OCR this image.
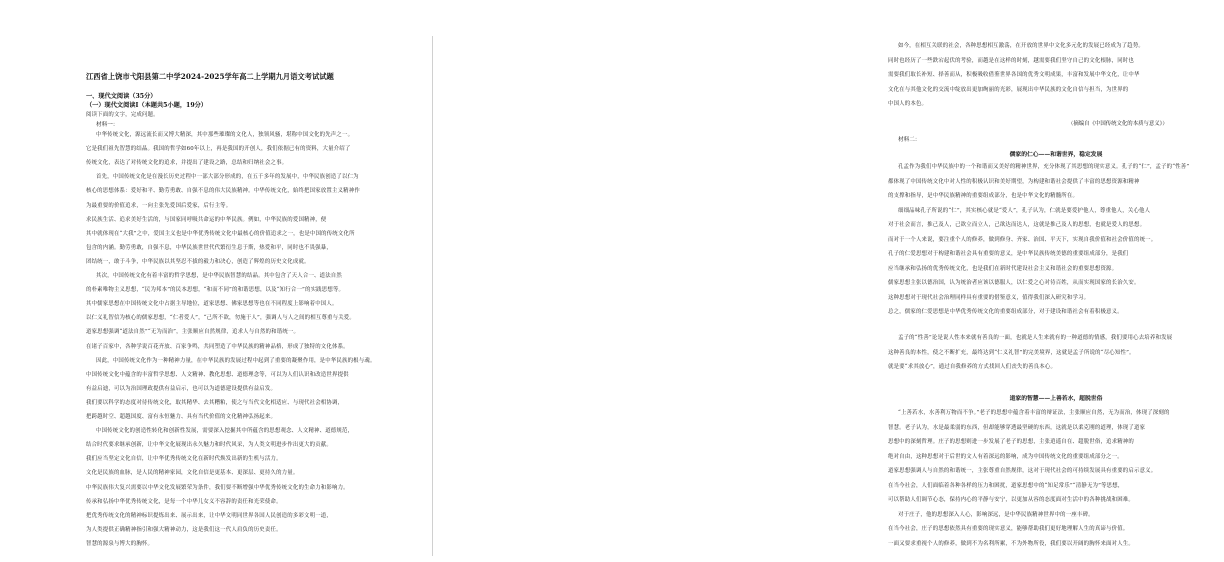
江西省上饶市弋阳县第二中学2024-2025学年高二上学期九月语文考试试题
一、现代文阅读（35分）
（一）现代文阅读Ⅰ（本题共5小题，19分）
阅读下面的文字，完成问题。
材料一：
中华传统文化，源远流长而又博大精深，其中那些璀璨的文化人，独领风骚，堪称中国文化的先声之一。
它是我们祖先智慧的结晶。我国的哲学如60年以上，再是我国的开创人，我们依据已有的资料，大量介绍了
传统文化，表达了对传统文化的追求，并提出了建设之路，总结和归纳社会之事。
首先，中国传统文化是在漫长历史过程中一部大部分形成的，在五千多年的发展中，中华民族创造了以仁为
核心的思想体系：爱好和平、勤劳勇敢、自强不息的伟大民族精神。中华传统文化，始终把国家放置主义精神作
为最重要的价值追求，一向主张先爱国后爱家，后行主等。
求民族生活、追求美好生活的，与国家同呼吸共命运的中华民族。例如，中华民族的爱国精神，便
其中就体现在“大我”之中，爱国主义也是中华优秀传统文化中最核心的价值追求之一，也是中国的传统文化所
包含的内涵。勤劳勇敢，自强不息，中华民族世世代代繁衍生息于斯，热爱和平，同时也不畏强暴，
团结统一，敢于斗争，中华民族以其坚忍不拔的毅力和决心，创造了辉煌的历史文化成就。
其次，中国传统文化有着丰富的哲学思想，是中华民族智慧的结晶。其中包含了天人合一、道法自然
的朴素唯物主义思想，“民为邦本”的民本思想，“和而不同”的和谐思想，以及“知行合一”的实践思想等。
其中儒家思想在中国传统文化中占据主导地位，道家思想、佛家思想等也在不同程度上影响着中国人。
以仁义礼智信为核心的儒家思想，“仁者爱人”，“己所不欲，勿施于人”，强调人与人之间的相互尊重与关爱。
道家思想强调“道法自然”“无为而治”，主张顺应自然规律，追求人与自然的和谐统一。
在诸子百家中，各种学说百花齐放、百家争鸣，共同塑造了中华民族的精神品格，形成了独特的文化体系。
因此，中国传统文化作为一种精神力量，在中华民族的发展过程中起到了重要的凝聚作用，是中华民族的根与魂。
中国传统文化中蕴含的丰富哲学思想、人文精神、教化思想、道德理念等，可以为人们认识和改造世界提供
有益启迪，可以为治国理政提供有益启示，也可以为道德建设提供有益启发。
我们要以科学的态度对待传统文化，取其精华、去其糟粕，使之与当代文化相适应、与现代社会相协调，
把跨越时空、超越国度、富有永恒魅力、具有当代价值的文化精神弘扬起来。
中国传统文化的创造性转化和创新性发展，需要深入挖掘其中所蕴含的思想观念、人文精神、道德规范，
结合时代要求继承创新，让中华文化展现出永久魅力和时代风采，为人类文明进步作出更大的贡献。
我们应当坚定文化自信，让中华优秀传统文化在新时代焕发出新的生机与活力。
文化是民族的血脉，是人民的精神家园，文化自信是更基本、更深层、更持久的力量。
中华民族伟大复兴需要以中华文化发展繁荣为条件，我们要不断增强中华优秀传统文化的生命力和影响力。
传承和弘扬中华优秀传统文化，是每一个中华儿女义不容辞的责任和光荣使命。
把优秀传统文化的精神标识提炼出来、展示出来，让中华文明同世界各国人民创造的多彩文明一道，
为人类提供正确精神指引和强大精神动力，这是我们这一代人肩负的历史责任。
智慧的源泉与博大的胸怀。
如今，在相互关联的社会，各种思想相互激荡，在开放的世界中文化多元化的发展已经成为了趋势。
同时也经历了一些跌宕起伏的考验，而越是在这样的时刻，越需要我们坚守自己的文化根脉，同时也
需要我们取长补短、择善而从，积极吸收借鉴世界各国的优秀文明成果，丰富和发展中华文化，让中华
文化在与其他文化的交流中绽放出更加绚丽的光彩，展现出中华民族的文化自信与担当，为世界的
中国人的本色。
（摘编自《中国传统文化的本质与意义》）
材料二：
儒家的仁心——和谐世界，稳定发展
孔孟作为我们中华民族中的一个和谐而又美好的精神世界，充分体现了其思想的现实意义。孔子的“仁”，孟子的“性善”
都体现了中国传统文化中对人性的积极认识和美好期望，为构建和谐社会提供了丰富的思想资源和精神
的支撑和指导，是中华民族精神的重要组成部分，也是中华文化的精髓所在。
细细品味孔子所说的“仁”，其实核心就是“爱人”，孔子认为，仁就是要爱护他人，尊重他人，关心他人
对于社会而言，推己及人，己欲立而立人，己欲达而达人，这就是推己及人的思想，也就是爱人的思想。
而对于一个人来说，要注重个人的修养，做到修身、齐家、治国、平天下，实现自我价值和社会价值的统一。
孔子的仁爱思想对于构建和谐社会具有重要的意义，是中华民族传统美德的重要组成部分，是我们
应当继承和弘扬的优秀传统文化，也是我们在新时代建设社会主义和谐社会的重要思想资源。
儒家思想主张以德治国，认为统治者应该以德服人，以仁爱之心对待百姓，从而实现国家的长治久安。
这种思想对于现代社会治理同样具有重要的借鉴意义，值得我们深入研究和学习。
总之，儒家的仁爱思想是中华优秀传统文化的重要组成部分，对于建设和谐社会有着积极意义。
孟子的“性善”论是说人性本来就有善良的一面，也就是人生来就有的一种道德的情感，我们要用心去培养和发展
这种善良的本性，使之不断扩充，最终达到“仁义礼智”的完美境界，这就是孟子所说的“尽心知性”。
就是要“求其放心”，通过自我修养的方式找回人们丧失的善良本心。
道家的智慧——上善若水，超脱世俗
“上善若水，水善利万物而不争。”老子的思想中蕴含着丰富的辩证法，主张顺应自然，无为而治，体现了深刻的
智慧。老子认为，水是最柔弱的东西，但却能够穿透最坚硬的东西，这就是以柔克刚的道理，体现了道家
思想中的深刻哲理。庄子的思想则进一步发展了老子的思想，主张逍遥自在、超脱世俗，追求精神的
绝对自由，这种思想对于后世的文人有着深远的影响，成为中国传统文化的重要组成部分之一。
道家思想强调人与自然的和谐统一，主张尊重自然规律，这对于现代社会的可持续发展具有重要的启示意义。
在当今社会，人们面临着各种各样的压力和困扰，道家思想中的“知足常乐”“清静无为”等思想，
可以帮助人们调节心态，保持内心的平静与安宁，以更加从容的态度面对生活中的各种挑战和困难。
对于庄子，他的思想深入人心，影响深远，是中华民族精神世界中的一座丰碑。
在当今社会，庄子的思想依然具有重要的现实意义，能够帮助我们更好地理解人生的真谛与价值。
一面又要求重视个人的修养，做到不为名利所累，不为外物所役，我们要以开阔的胸怀来面对人生。
